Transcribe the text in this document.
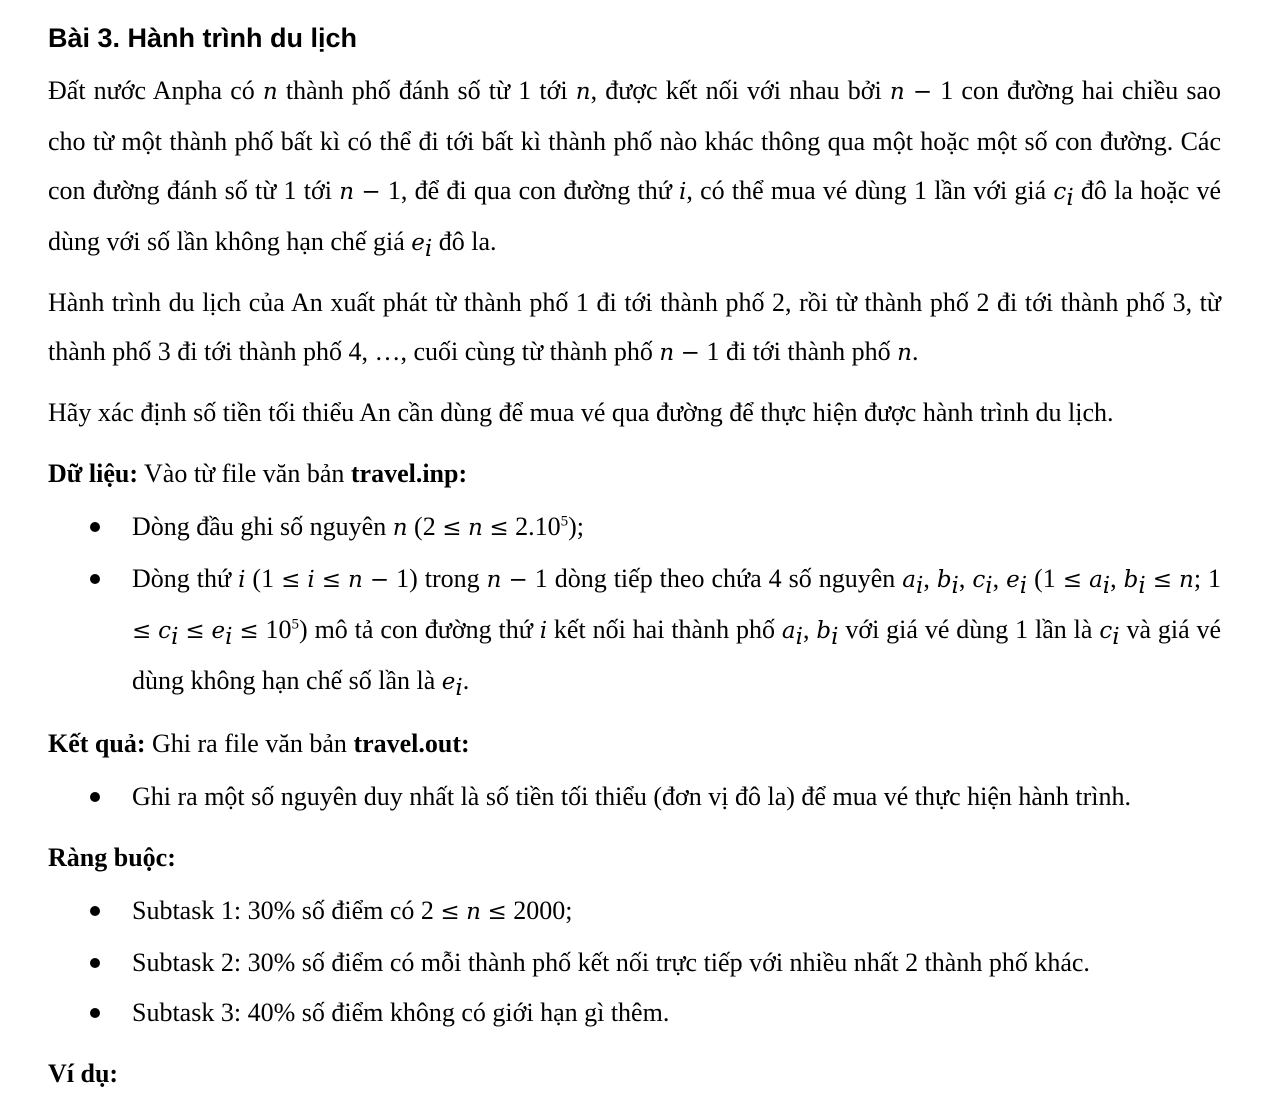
Bài 3. Hành trình du lịch

Đất nước Anpha có n thành phố đánh số từ 1 tới n, được kết nối với nhau bởi n − 1 con đường hai chiều sao cho từ một thành phố bất kì có thể đi tới bất kì thành phố nào khác thông qua một hoặc một số con đường. Các con đường đánh số từ 1 tới n − 1, để đi qua con đường thứ i, có thể mua vé dùng 1 lần với giá $c_i$ đô la hoặc vé dùng với số lần không hạn chế giá $e_i$ đô la.

Hành trình du lịch của An xuất phát từ thành phố 1 đi tới thành phố 2, rồi từ thành phố 2 đi tới thành phố 3, từ thành phố 3 đi tới thành phố 4, …, cuối cùng từ thành phố n − 1 đi tới thành phố n.

Hãy xác định số tiền tối thiểu An cần dùng để mua vé qua đường để thực hiện được hành trình du lịch.

Dữ liệu: Vào từ file văn bản travel.inp:
Dòng đầu ghi số nguyên n $(2 \le n \le 2.10^5)$;
Dòng thứ i (1 ≤ i ≤ n − 1) trong n − 1 dòng tiếp theo chứa 4 số nguyên $a_i$, $b_i$, $c_i$, $e_i$ ($1 \le a_i$, $b_i \le n$; $1 \le c_i \le e_i \le 10^5$) mô tả con đường thứ i kết nối hai thành phố $a_i$, $b_i$ với giá vé dùng 1 lần là $c_i$ và giá vé dùng không hạn chế số lần là $e_i$.
Kết quả: Ghi ra file văn bản travel.out:
Ghi ra một số nguyên duy nhất là số tiền tối thiểu (đơn vị đô la) để mua vé thực hiện hành trình.
Ràng buộc:
Subtask 1: 30% số điểm có 2 ≤ n ≤ 2000;
Subtask 2: 30% số điểm có mỗi thành phố kết nối trực tiếp với nhiều nhất 2 thành phố khác.
Subtask 3: 40% số điểm không có giới hạn gì thêm.
Ví dụ:
